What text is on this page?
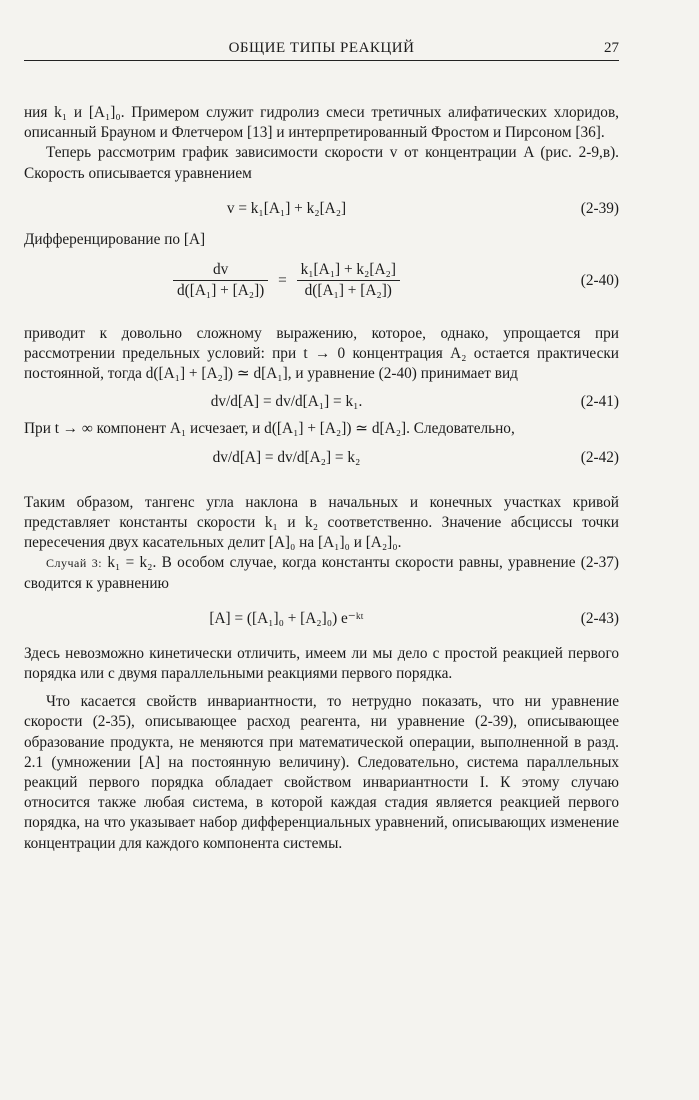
ОБЩИЕ ТИПЫ РЕАКЦИЙ	27

ния k₁ и [A₁]₀. Примером служит гидролиз смеси третичных алифатических хлоридов, описанный Брауном и Флетчером [13] и интерпретированный Фростом и Пирсоном [36].

Теперь рассмотрим график зависимости скорости v от концентрации A (рис. 2-9,в). Скорость описывается уравнением

v = k₁[A₁] + k₂[A₂]	(2-39)

Дифференцирование по [A]

$\frac{dv}{\text{d([A₁] + [A₂])}} = \frac{\text{k₁[A₁] + k₂[A₂]}}{\text{d([A₁] + [A₂])}}$	(2-40)

приводит к довольно сложному выражению, которое, однако, упрощается при рассмотрении предельных условий: при t → 0 концентрация A₂ остается практически постоянной, тогда d([A₁] + [A₂]) ≃ d[A₁], и уравнение (2-40) принимает вид

dv/d[A] = dv/d[A₁] = k₁.	(2-41)

При t → ∞ компонент A₁ исчезает, и d([A₁] + [A₂]) ≃ d[A₂]. Следовательно,

dv/d[A] = dv/d[A₂] = k₂	(2-42)

Таким образом, тангенс угла наклона в начальных и конечных участках кривой представляет константы скорости k₁ и k₂ соответственно. Значение абсциссы точки пересечения двух касательных делит [A]₀ на [A₁]₀ и [A₂]₀.

Случай 3: k₁ = k₂. В особом случае, когда константы скорости равны, уравнение (2-37) сводится к уравнению

[A] = ([A₁]₀ + [A₂]₀) e⁻ᵏᵗ	(2-43)

Здесь невозможно кинетически отличить, имеем ли мы дело с простой реакцией первого порядка или с двумя параллельными реакциями первого порядка.

Что касается свойств инвариантности, то нетрудно показать, что ни уравнение скорости (2-35), описывающее расход реагента, ни уравнение (2-39), описывающее образование продукта, не меняются при математической операции, выполненной в разд. 2.1 (умножении [A] на постоянную величину). Следовательно, система параллельных реакций первого порядка обладает свойством инвариантности I. К этому случаю относится также любая система, в которой каждая стадия является реакцией первого порядка, на что указывает набор дифференциальных уравнений, описывающих изменение концентрации для каждого компонента системы.
